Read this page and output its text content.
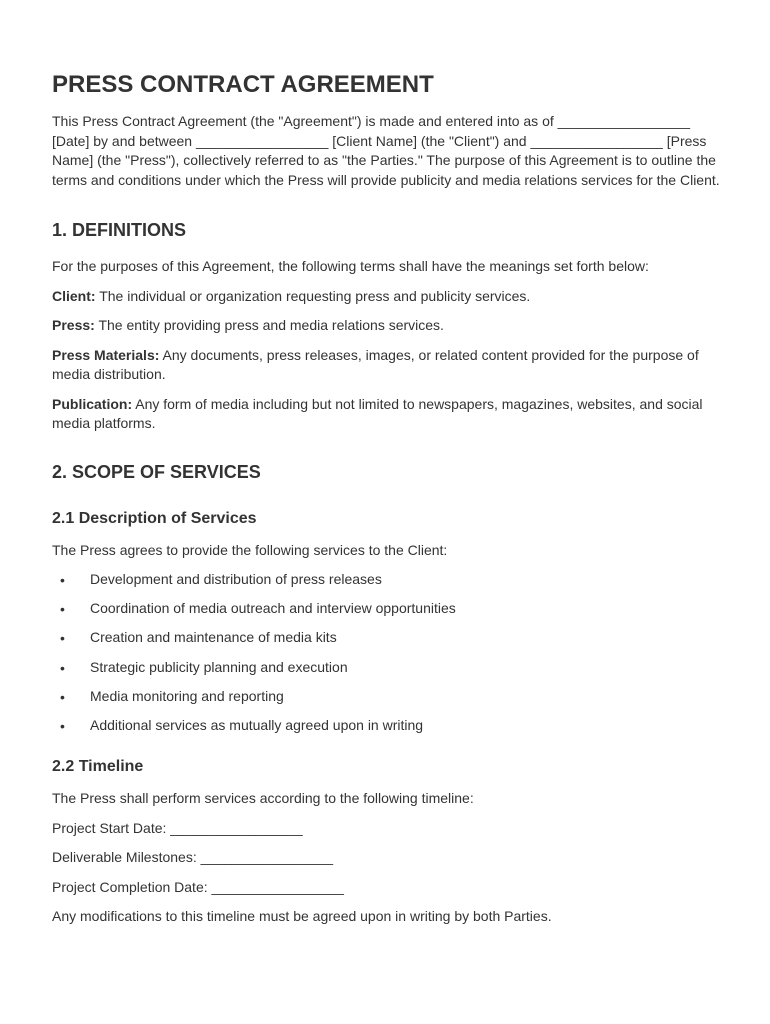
PRESS CONTRACT AGREEMENT

This Press Contract Agreement (the "Agreement") is made and entered into as of _________________ [Date] by and between _________________ [Client Name] (the "Client") and _________________ [Press Name] (the "Press"), collectively referred to as "the Parties." The purpose of this Agreement is to outline the terms and conditions under which the Press will provide publicity and media relations services for the Client.

1. DEFINITIONS

For the purposes of this Agreement, the following terms shall have the meanings set forth below:

Client: The individual or organization requesting press and publicity services.

Press: The entity providing press and media relations services.

Press Materials: Any documents, press releases, images, or related content provided for the purpose of media distribution.

Publication: Any form of media including but not limited to newspapers, magazines, websites, and social media platforms.

2. SCOPE OF SERVICES
2.1 Description of Services

The Press agrees to provide the following services to the Client:

• Development and distribution of press releases
• Coordination of media outreach and interview opportunities
• Creation and maintenance of media kits
• Strategic publicity planning and execution
• Media monitoring and reporting
• Additional services as mutually agreed upon in writing
2.2 Timeline

The Press shall perform services according to the following timeline:

Project Start Date: _________________

Deliverable Milestones: _________________

Project Completion Date: _________________

Any modifications to this timeline must be agreed upon in writing by both Parties.
